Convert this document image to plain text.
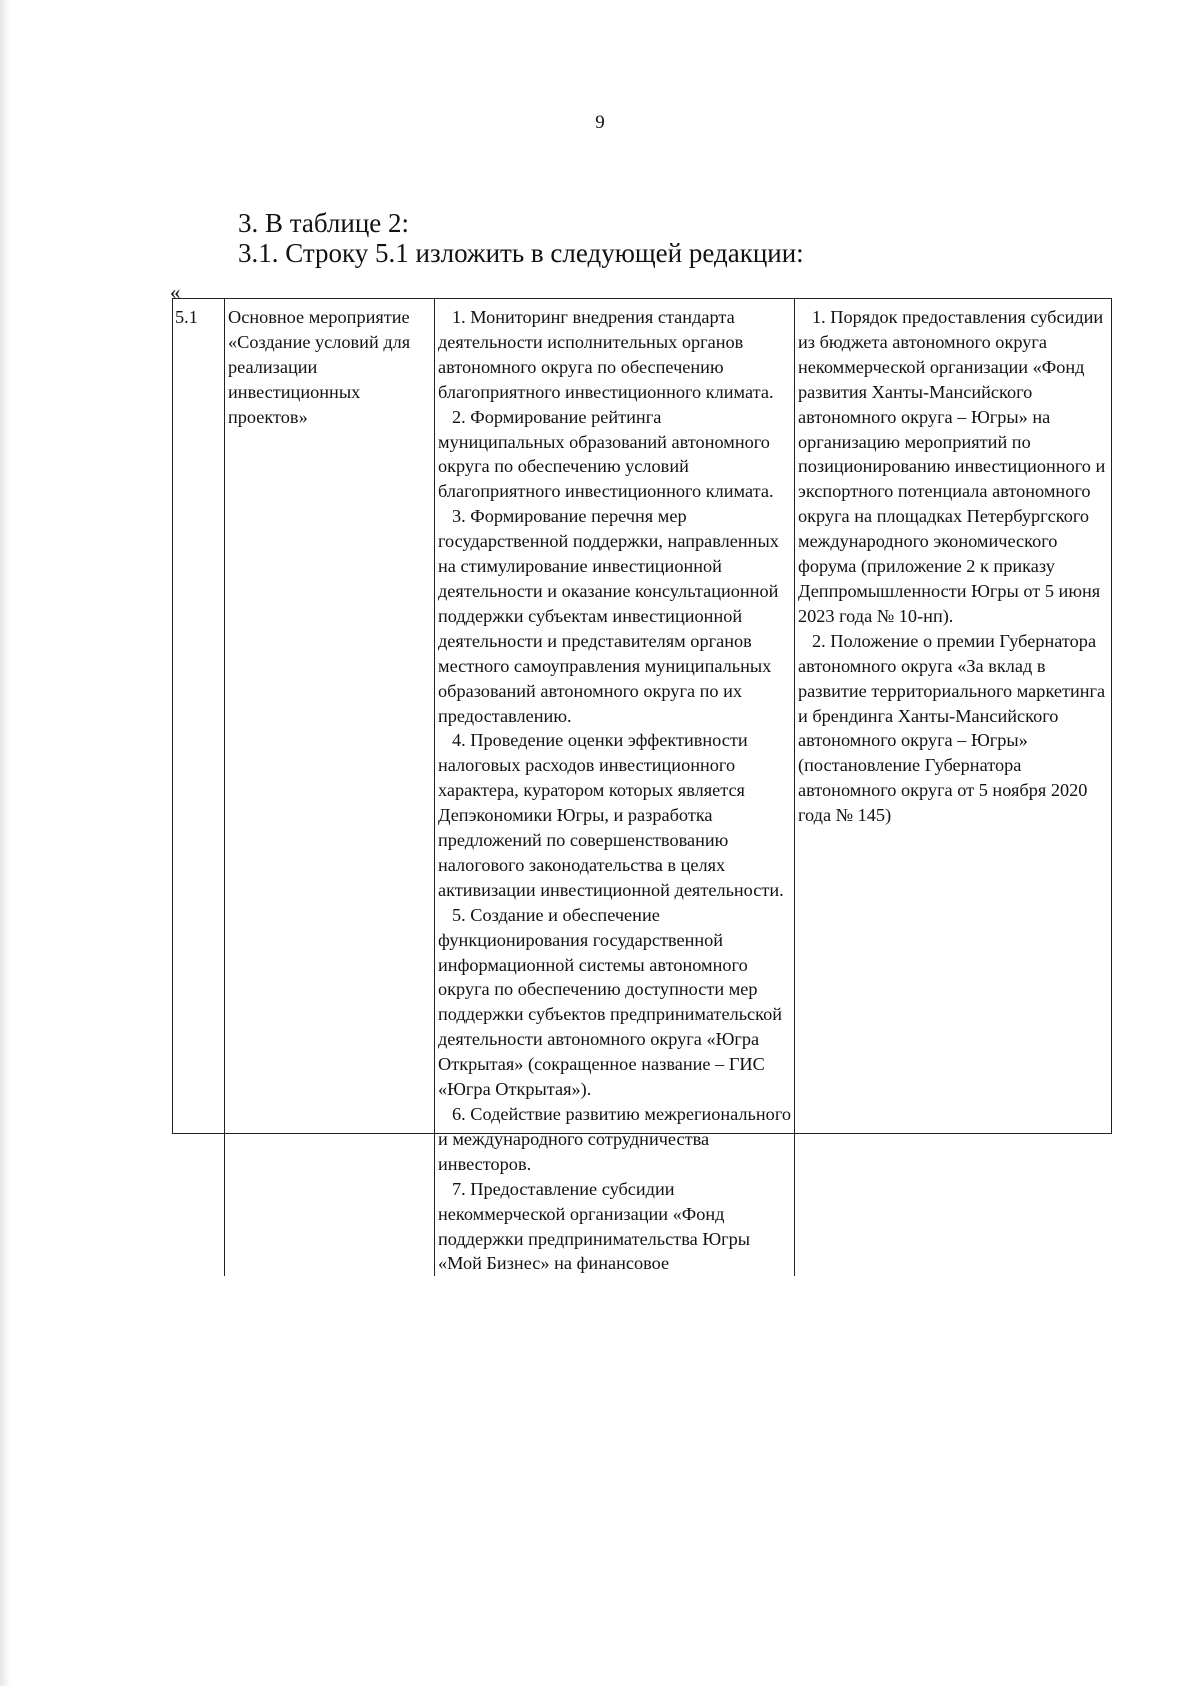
9
3. В таблице 2:
3.1. Строку 5.1 изложить в следующей редакции:
«
5.1	Основное мероприятие «Создание условий для реализации инвестиционных проектов»

1. Мониторинг внедрения стандарта деятельности исполнительных органов автономного округа по обеспечению благоприятного инвестиционного климата.

2. Формирование рейтинга муниципальных образований автономного округа по обеспечению условий благоприятного инвестиционного климата.

3. Формирование перечня мер государственной поддержки, направленных на стимулирование инвестиционной деятельности и оказание консультационной поддержки субъектам инвестиционной деятельности и представителям органов местного самоуправления муниципальных образований автономного округа по их предоставлению.

4. Проведение оценки эффективности налоговых расходов инвестиционного характера, куратором которых является Депэкономики Югры, и разработка предложений по совершенствованию налогового законодательства в целях активизации инвестиционной деятельности.

5. Создание и обеспечение функционирования государственной информационной системы автономного округа по обеспечению доступности мер поддержки субъектов предпринимательской деятельности автономного округа «Югра Открытая» (сокращенное название – ГИС «Югра Открытая»).

6. Содействие развитию межрегионального и международного сотрудничества инвесторов.

7. Предоставление субсидии некоммерческой организации «Фонд поддержки предпринимательства Югры «Мой Бизнес» на финансовое

1. Порядок предоставления субсидии из бюджета автономного округа некоммерческой организации «Фонд развития Ханты-Мансийского автономного округа – Югры» на организацию мероприятий по позиционированию инвестиционного и экспортного потенциала автономного округа на площадках Петербургского международного экономического форума (приложение 2 к приказу Деппромышленности Югры от 5 июня 2023 года № 10-нп).

2. Положение о премии Губернатора автономного округа «За вклад в развитие территориального маркетинга и брендинга Ханты-Мансийского автономного округа – Югры» (постановление Губернатора автономного округа от 5 ноября 2020 года № 145)
